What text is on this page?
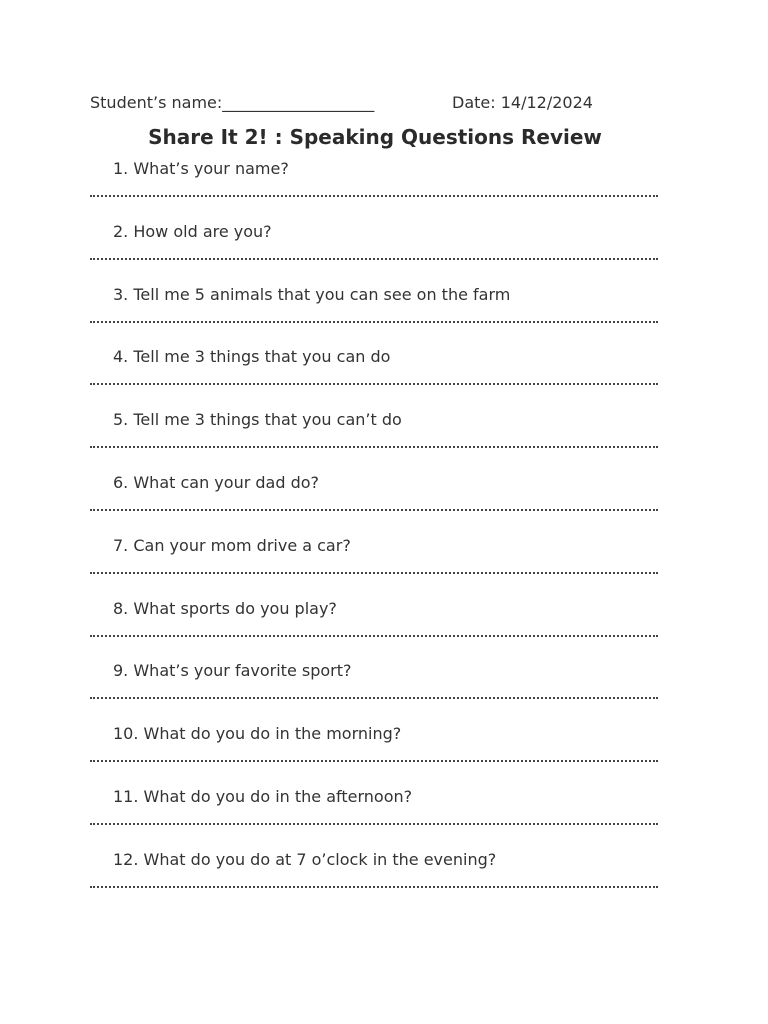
Student’s name:___________________	Date: 14/12/2024
Share It 2! : Speaking Questions Review
1. What’s your name?
2. How old are you?
3. Tell me 5 animals that you can see on the farm
4. Tell me 3 things that you can do
5. Tell me 3 things that you can’t do
6. What can your dad do?
7. Can your mom drive a car?
8. What sports do you play?
9. What’s your favorite sport?
10. What do you do in the morning?
11. What do you do in the afternoon?
12. What do you do at 7 o’clock in the evening?
